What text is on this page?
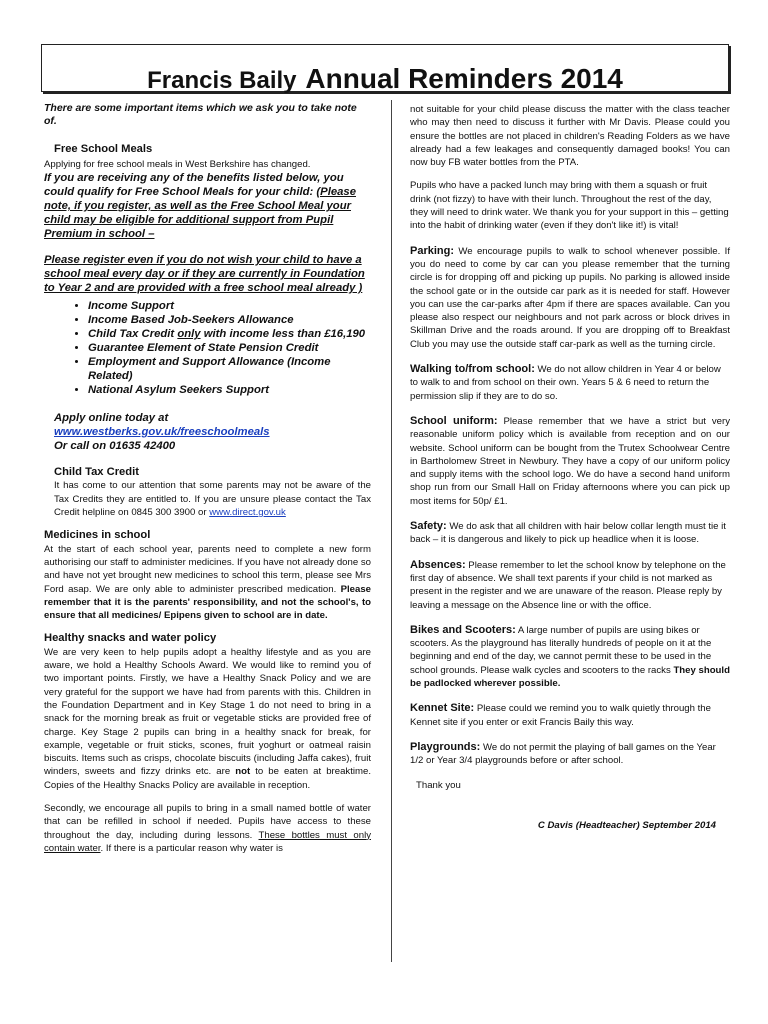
Francis Baily Annual Reminders 2014

There are some important items which we ask you to take note of.

Free School Meals

Applying for free school meals in West Berkshire has changed.

If you are receiving any of the benefits listed below, you could qualify for Free School Meals for your child: (Please note, if you register, as well as the Free School Meal your child may be eligible for additional support from Pupil Premium in school –

Please register even if you do not wish your child to have a school meal every day or if they are currently in Foundation to Year 2 and are provided with a free school meal already )

• Income Support
• Income Based Job-Seekers Allowance
• Child Tax Credit only with income less than £16,190
• Guarantee Element of State Pension Credit
• Employment and Support Allowance (Income Related)
• National Asylum Seekers Support

Apply online today at

www.westberks.gov.uk/freeschoolmeals

Or call on 01635 42400

Child Tax Credit

It has come to our attention that some parents may not be aware of the Tax Credits they are entitled to. If you are unsure please contact the Tax Credit helpline on 0845 300 3900 or www.direct.gov.uk

Medicines in school

At the start of each school year, parents need to complete a new form authorising our staff to administer medicines. If you have not already done so and have not yet brought new medicines to school this term, please see Mrs Ford asap. We are only able to administer prescribed medication. Please remember that it is the parents' responsibility, and not the school's, to ensure that all medicines/ Epipens given to school are in date.

Healthy snacks and water policy

We are very keen to help pupils adopt a healthy lifestyle and as you are aware, we hold a Healthy Schools Award. We would like to remind you of two important points. Firstly, we have a Healthy Snack Policy and we are very grateful for the support we have had from parents with this. Children in the Foundation Department and in Key Stage 1 do not need to bring in a snack for the morning break as fruit or vegetable sticks are provided free of charge. Key Stage 2 pupils can bring in a healthy snack for break, for example, vegetable or fruit sticks, scones, fruit yoghurt or oatmeal raisin biscuits. Items such as crisps, chocolate biscuits (including Jaffa cakes), fruit winders, sweets and fizzy drinks etc. are not to be eaten at breaktime. Copies of the Healthy Snacks Policy are available in reception.

Secondly, we encourage all pupils to bring in a small named bottle of water that can be refilled in school if needed. Pupils have access to these throughout the day, including during lessons. These bottles must only contain water. If there is a particular reason why water is

not suitable for your child please discuss the matter with the class teacher who may then need to discuss it further with Mr Davis. Please could you ensure the bottles are not placed in children's Reading Folders as we have already had a few leakages and consequently damaged books! You can now buy FB water bottles from the PTA.

Pupils who have a packed lunch may bring with them a squash or fruit drink (not fizzy) to have with their lunch. Throughout the rest of the day, they will need to drink water. We thank you for your support in this – getting into the habit of drinking water (even if they don't like it!) is vital!

Parking: We encourage pupils to walk to school whenever possible. If you do need to come by car can you please remember that the turning circle is for dropping off and picking up pupils. No parking is allowed inside the school gate or in the outside car park as it is needed for staff. However you can use the car-parks after 4pm if there are spaces available. Can you please also respect our neighbours and not park across or block drives in Skillman Drive and the roads around. If you are dropping off to Breakfast Club you may use the outside staff car-park as well as the turning circle.

Walking to/from school: We do not allow children in Year 4 or below to walk to and from school on their own. Years 5 & 6 need to return the permission slip if they are to do so.

School uniform: Please remember that we have a strict but very reasonable uniform policy which is available from reception and on our website. School uniform can be bought from the Trutex Schoolwear Centre in Bartholomew Street in Newbury. They have a copy of our uniform policy and supply items with the school logo. We do have a second hand uniform shop run from our Small Hall on Friday afternoons where you can pick up most items for 50p/ £1.

Safety: We do ask that all children with hair below collar length must tie it back – it is dangerous and likely to pick up headlice when it is loose.

Absences: Please remember to let the school know by telephone on the first day of absence. We shall text parents if your child is not marked as present in the register and we are unaware of the reason. Please reply by leaving a message on the Absence line or with the office.

Bikes and Scooters: A large number of pupils are using bikes or scooters. As the playground has literally hundreds of people on it at the beginning and end of the day, we cannot permit these to be used in the school grounds. Please walk cycles and scooters to the racks They should be padlocked wherever possible.

Kennet Site: Please could we remind you to walk quietly through the Kennet site if you enter or exit Francis Baily this way.

Playgrounds: We do not permit the playing of ball games on the Year 1/2 or Year 3/4 playgrounds before or after school.

Thank you

C Davis (Headteacher) September 2014
